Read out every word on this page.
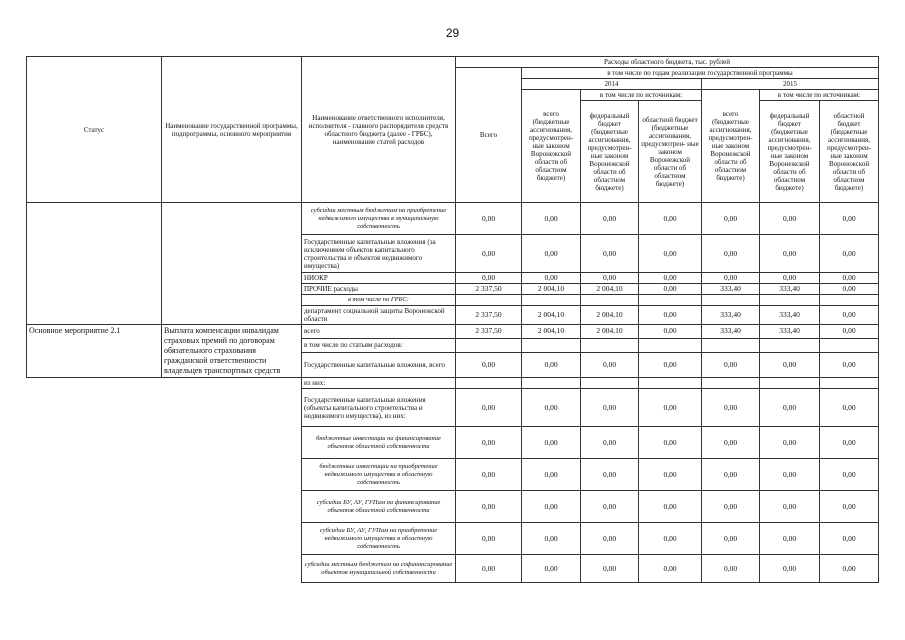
29
Статус	Наименование государственной программы, подпрограммы, основного мероприятия	Наименование ответственного исполнителя, исполнителя - главного распорядителя средств областного бюджета (далее - ГРБС), наименование статей расходов	Расходы областного бюджета, тыс. рублей						
			Всего	в том числе по годам реализации государственной программы					
				2014			2015		
				всего (бюджетные ассигнования, предусмотрен- ные законом Воронежской области об областном бюджете)	в том числе по источникам:		всего (бюджетные ассигнования, предусмотрен- ные законом Воронежской области об областном бюджете)	в том числе по источникам:	
					федеральный бюджет (бюджетные ассигнования, предусмотрен- ные законом Воронежской области об областном бюджете)	областной бюджет (бюджетные ассигнования, предусмотрен- ные законом Воронежской области об областном бюджете)		федеральный бюджет (бюджетные ассигнования, предусмотрен- ные законом Воронежской области об областном бюджете)	областной бюджет (бюджетные ассигнования, предусмотрен- ные законом Воронежской области об областном бюджете)
		субсидии местным бюджетам на приобретение недвижимого имущества в муниципальную собственность	0,00	0,00	0,00	0,00	0,00	0,00	0,00
		Государственные капитальные вложения (за исключением объектов капитального строительства и объектов недвижимого имущества)	0,00	0,00	0,00	0,00	0,00	0,00	0,00
		НИОКР	0,00	0,00	0,00	0,00	0,00	0,00	0,00
		ПРОЧИЕ расходы	2 337,50	2 004,10	2 004,10	0,00	333,40	333,40	0,00
		в том числе по ГРБС:							
		департамент социальной защиты Воронежской области	2 337,50	2 004,10	2 004,10	0,00	333,40	333,40	0,00
Основное мероприятие 2.1	Выплата компенсации инвалидам страховых премий по договорам обязательного страхования гражданской ответственности владельцев транспортных средств	всего	2 337,50	2 004,10	2 004,10	0,00	333,40	333,40	0,00
		в том числе по статьям расходов:							
		Государственные капитальные вложения, всего	0,00	0,00	0,00	0,00	0,00	0,00	0,00
		из них:							
		Государственные капитальные вложения (объекты капитального строительства и недвижимого имущества), из них:	0,00	0,00	0,00	0,00	0,00	0,00	0,00
		бюджетные инвестиции на финансирование объектов областной собственности	0,00	0,00	0,00	0,00	0,00	0,00	0,00
		бюджетные инвестиции на приобретение недвижимого имущества в областную собственность	0,00	0,00	0,00	0,00	0,00	0,00	0,00
		субсидии БУ, АУ, ГУПам на финансирование объектов областной собственности	0,00	0,00	0,00	0,00	0,00	0,00	0,00
		субсидии БУ, АУ, ГУПам на приобретение недвижимого имущества в областную собственность	0,00	0,00	0,00	0,00	0,00	0,00	0,00
		субсидии местным бюджетам на софинансирование объектов муниципальной собственности	0,00	0,00	0,00	0,00	0,00	0,00	0,00
